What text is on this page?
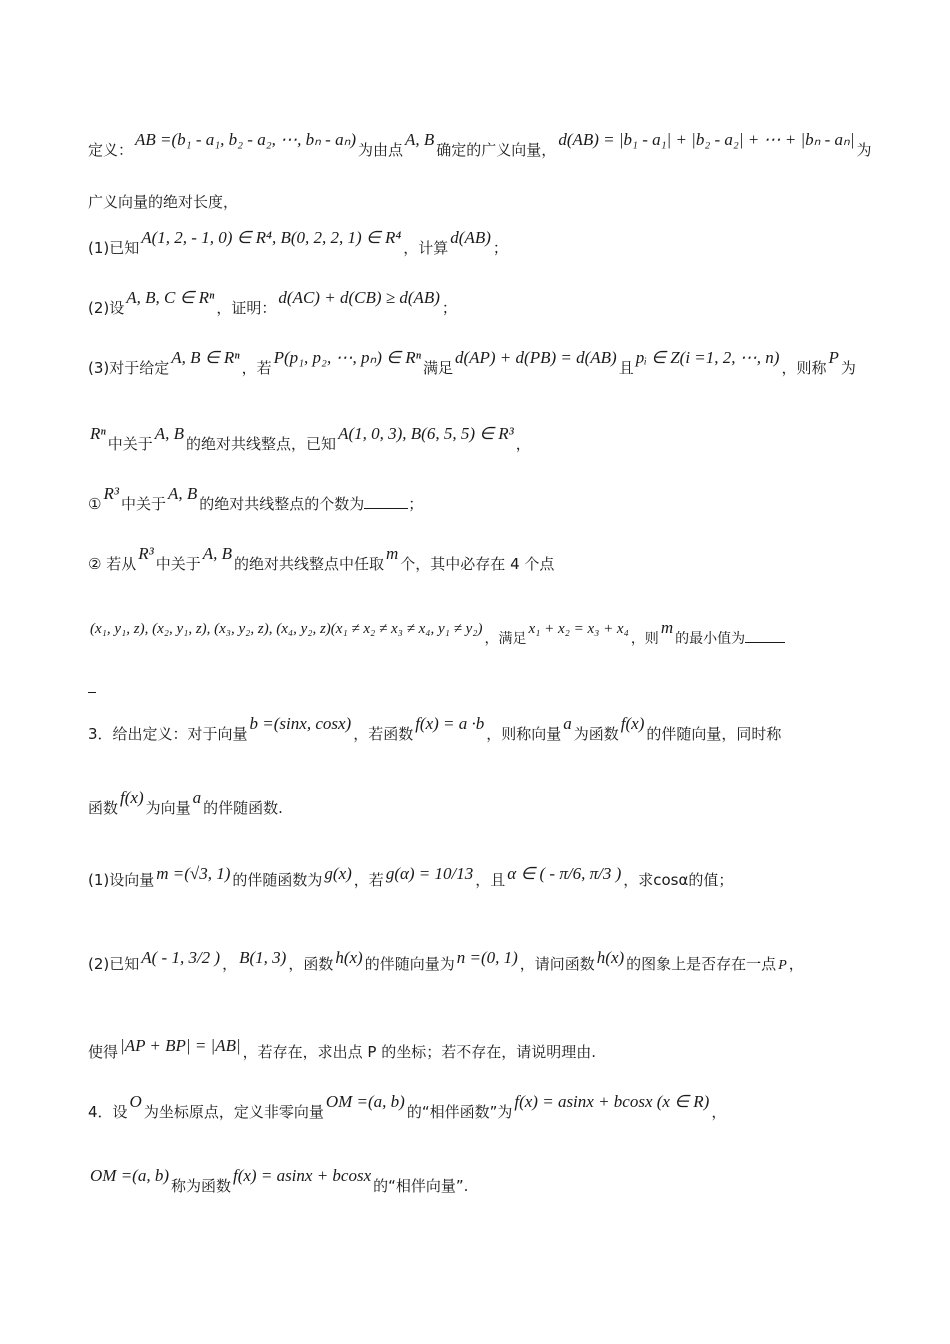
定义：AB =(b₁ - a₁, b₂ - a₂, ⋯, bₙ - aₙ)为由点A, B确定的广义向量，d(AB) = |b₁ - a₁| + |b₂ - a₂| + ⋯ + |bₙ - aₙ|为
广义向量的绝对长度，
(1)已知A(1, 2, - 1, 0) ∈ R⁴, B(0, 2, 2, 1) ∈ R⁴，计算d(AB)；
(2)设A, B, C ∈ Rⁿ，证明：d(AC) + d(CB) ≥ d(AB)；
(3)对于给定A, B ∈ Rⁿ，若P(p₁, p₂, ⋯, pₙ) ∈ Rⁿ满足d(AP) + d(PB) = d(AB)且pᵢ ∈ Z(i =1, 2, ⋯, n)，则称P为
Rⁿ中关于A, B的绝对共线整点，已知A(1, 0, 3), B(6, 5, 5) ∈ R³，
①R³中关于A, B的绝对共线整点的个数为	；
② 若从R³中关于A, B的绝对共线整点中任取m个，其中必存在 4 个点
(x₁, y₁, z), (x₂, y₁, z), (x₃, y₂, z), (x₄, y₂, z)(x₁ ≠ x₂ ≠ x₃ ≠ x₄, y₁ ≠ y₂)，满足x₁ + x₂ = x₃ + x₄，则m的最小值为
3．给出定义：对于向量b =(sinx, cosx)，若函数f(x) = a ·b，则称向量a为函数f(x)的伴随向量，同时称
函数f(x)为向量a的伴随函数.
(1)设向量 m =(√3, 1) 的伴随函数为 g(x) ，若 g(α) = 10/13 ，且 α ∈ ( - π/6, π/3 ) ，求cosα的值；
(2)已知 A( - 1, 3/2 ) ， B(1, 3) ，函数 h(x) 的伴随向量为 n =(0, 1) ，请问函数 h(x) 的图象上是否存在一点 P ，
使得 |AP + BP| = |AB| ，若存在，求出点 P 的坐标；若不存在，请说明理由.
4．设O为坐标原点，定义非零向量OM =(a, b)的“相伴函数”为f(x) = asinx + bcosx (x ∈ R)，
OM =(a, b)称为函数f(x) = asinx + bcosx的“相伴向量”.
